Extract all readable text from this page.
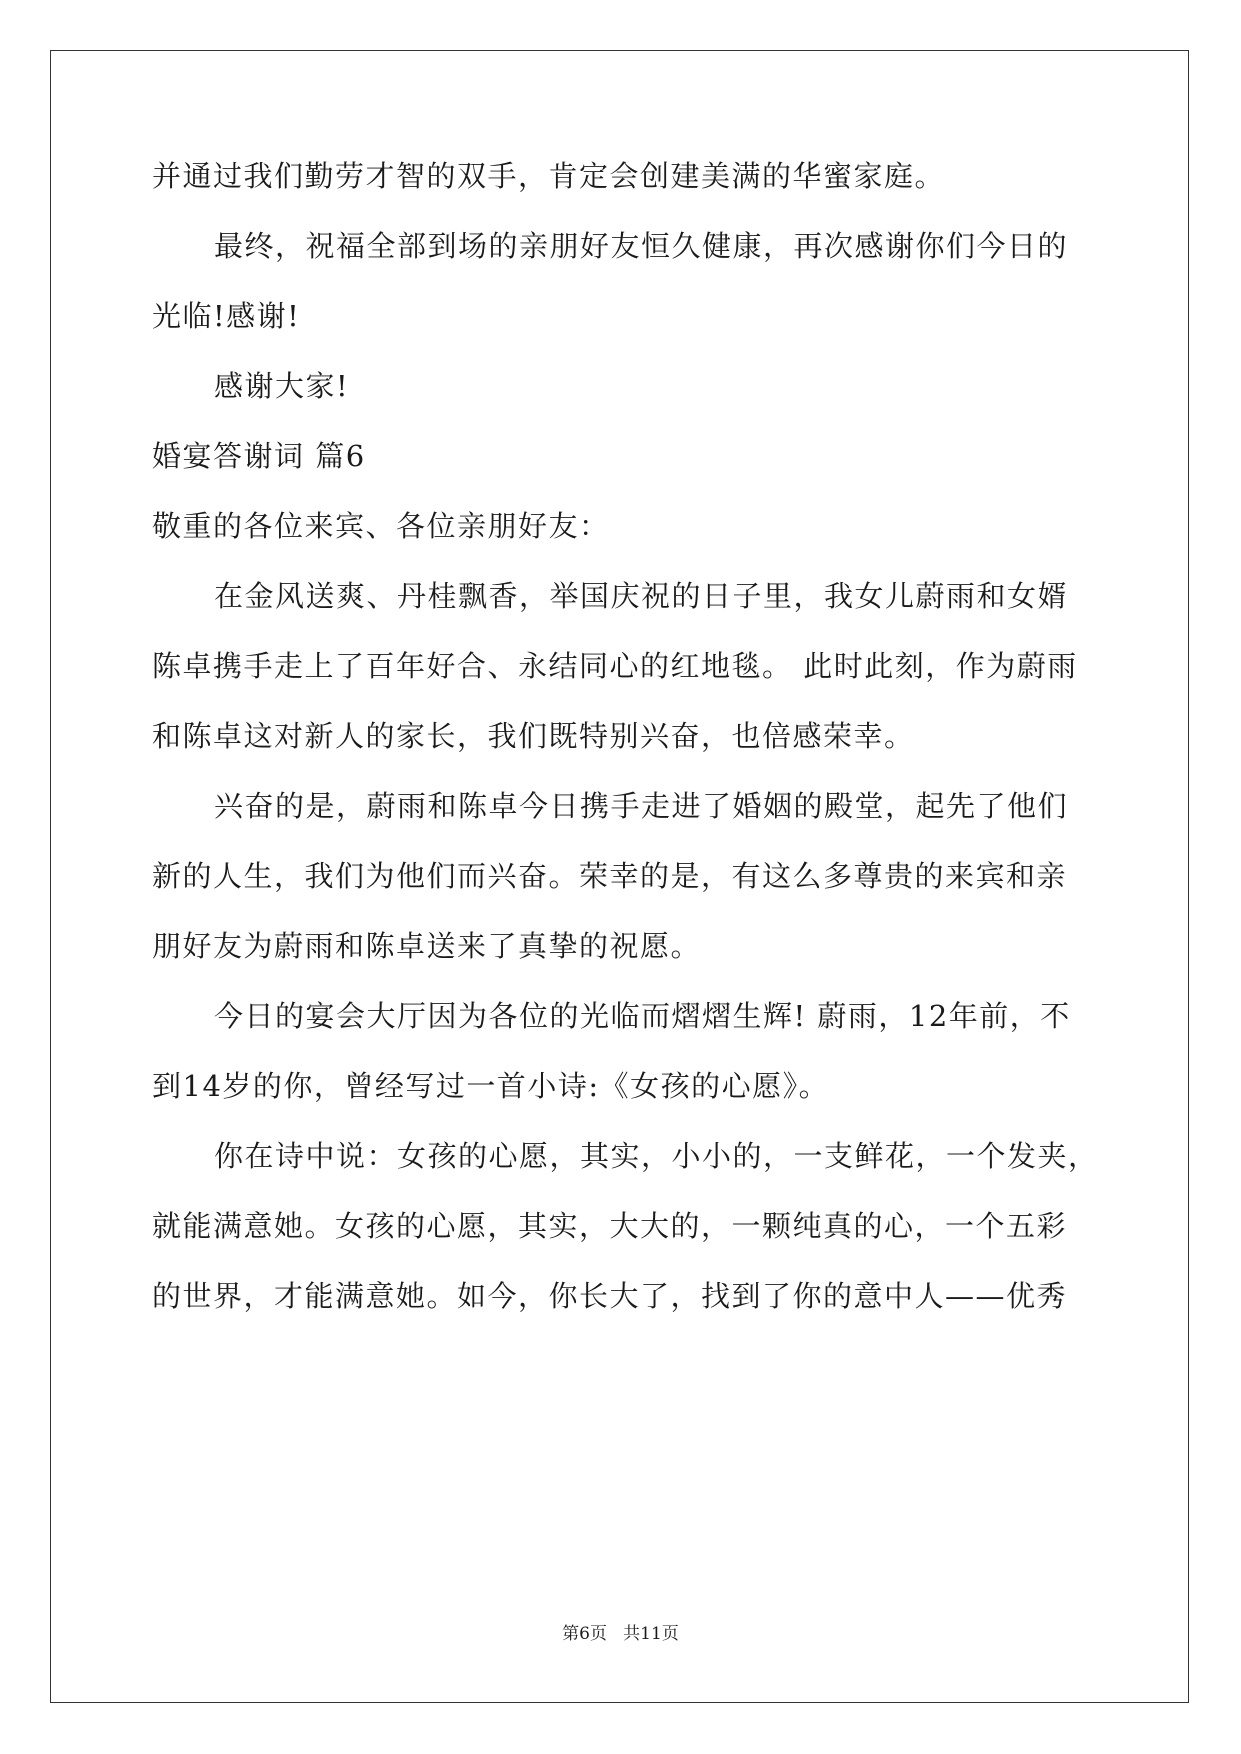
并通过我们勤劳才智的双手，肯定会创建美满的华蜜家庭。
最终，祝福全部到场的亲朋好友恒久健康，再次感谢你们今日的
光临!感谢!
感谢大家!
婚宴答谢词 篇6
敬重的各位来宾、各位亲朋好友：
在金风送爽、丹桂飘香，举国庆祝的日子里，我女儿蔚雨和女婿
陈卓携手走上了百年好合、永结同心的红地毯。 此时此刻，作为蔚雨
和陈卓这对新人的家长，我们既特别兴奋，也倍感荣幸。
兴奋的是，蔚雨和陈卓今日携手走进了婚姻的殿堂，起先了他们
新的人生，我们为他们而兴奋。荣幸的是，有这么多尊贵的来宾和亲
朋好友为蔚雨和陈卓送来了真挚的祝愿。
今日的宴会大厅因为各位的光临而熠熠生辉! 蔚雨，12年前，不
到14岁的你，曾经写过一首小诗:《女孩的心愿》。
你在诗中说：女孩的心愿，其实，小小的，一支鲜花，一个发夹，
就能满意她。女孩的心愿，其实，大大的，一颗纯真的心，一个五彩
的世界，才能满意她。如今，你长大了，找到了你的意中人——优秀
第6页   共11页
